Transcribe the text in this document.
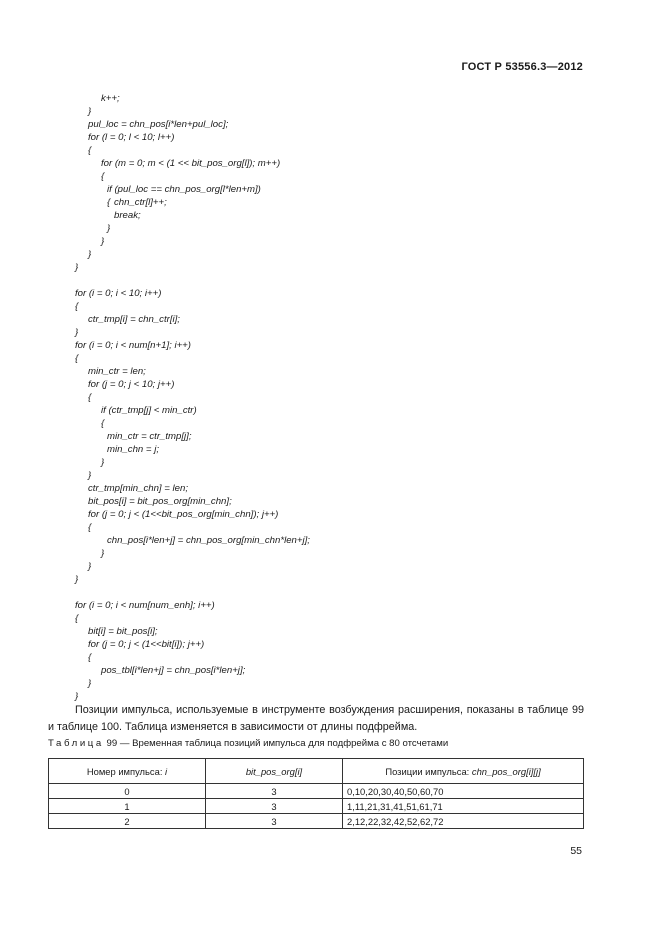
ГОСТ Р 53556.3—2012
k++;
}
pul_loc = chn_pos[i*len+pul_loc];
for (l = 0; l < 10; l++)
{
for (m = 0; m < (1 << bit_pos_org[l]); m++)
{
if (pul_loc == chn_pos_org[l*len+m])
{ chn_ctr[l]++;
break;
}
}
}
}
for (i = 0; i < 10; i++)
{
ctr_tmp[i] = chn_ctr[i];
}
for (i = 0; i < num[n+1]; i++)
{
min_ctr = len;
for (j = 0; j < 10; j++)
{
if (ctr_tmp[j] < min_ctr)
{
min_ctr = ctr_tmp[j];
min_chn = j;
}
}
ctr_tmp[min_chn] = len;
bit_pos[i] = bit_pos_org[min_chn];
for (j = 0; j < (1<<bit_pos_org[min_chn]); j++)
{
chn_pos[i*len+j] = chn_pos_org[min_chn*len+j];
}
}
}
for (i = 0; i < num[num_enh]; i++)
{
bit[i] = bit_pos[i];
for (j = 0; j < (1<<bit[i]); j++)
{
pos_tbl[i*len+j] = chn_pos[i*len+j];
}
}

Позиции импульса, используемые в инструменте возбуждения расширения, показаны в таблице 99 и таблице 100. Таблица изменяется в зависимости от длины подфрейма.

Таблица 99 — Временная таблица позиций импульса для подфрейма с 80 отсчетами
Номер импульса: i	bit_pos_org[i]	Позиции импульса: chn_pos_org[i][j]
0	3	0,10,20,30,40,50,60,70
1	3	1,11,21,31,41,51,61,71
2	3	2,12,22,32,42,52,62,72
55
